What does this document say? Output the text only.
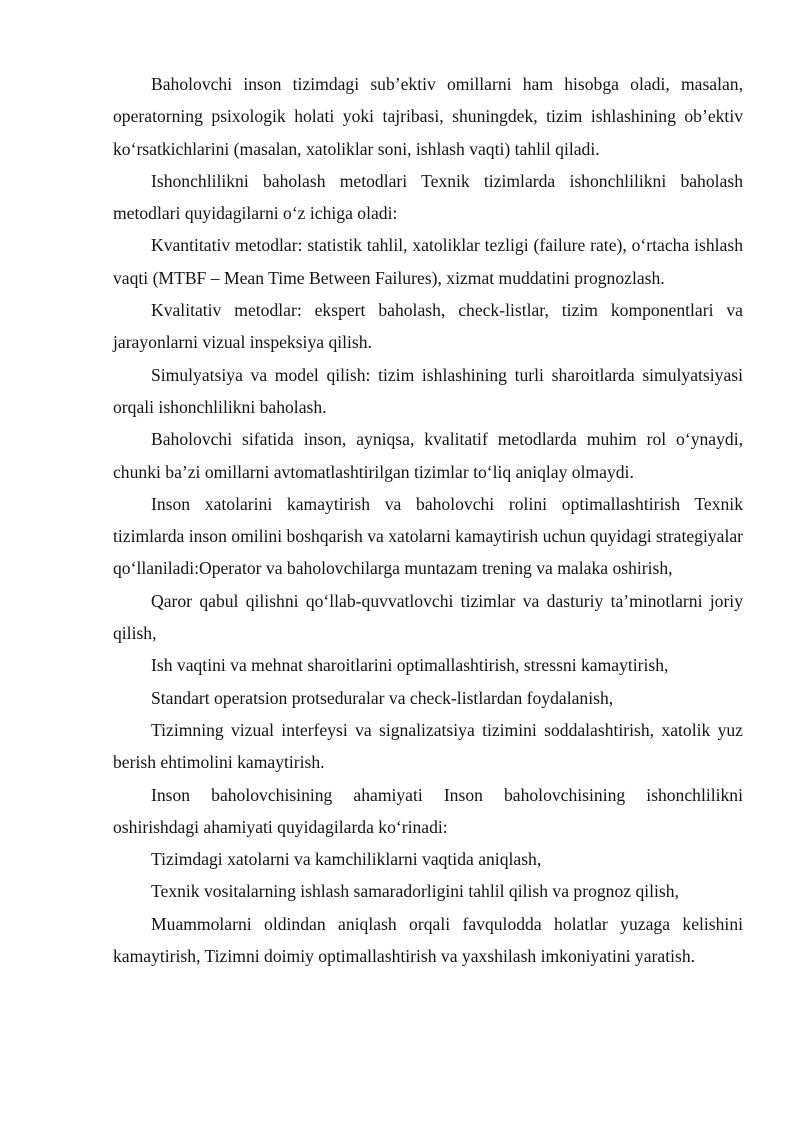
Baholovchi inson tizimdagi sub’ektiv omillarni ham hisobga oladi, masalan, operatorning psixologik holati yoki tajribasi, shuningdek, tizim ishlashining ob’ektiv ko‘rsatkichlarini (masalan, xatoliklar soni, ishlash vaqti) tahlil qiladi.

Ishonchlilikni baholash metodlari Texnik tizimlarda ishonchlilikni baholash metodlari quyidagilarni o‘z ichiga oladi:

Kvantitativ metodlar: statistik tahlil, xatoliklar tezligi (failure rate), o‘rtacha ishlash vaqti (MTBF – Mean Time Between Failures), xizmat muddatini prognozlash.

Kvalitativ metodlar: ekspert baholash, check-listlar, tizim komponentlari va jarayonlarni vizual inspeksiya qilish.

Simulyatsiya va model qilish: tizim ishlashining turli sharoitlarda simulyatsiyasi orqali ishonchlilikni baholash.

Baholovchi sifatida inson, ayniqsa, kvalitatif metodlarda muhim rol o‘ynaydi, chunki ba’zi omillarni avtomatlashtirilgan tizimlar to‘liq aniqlay olmaydi.

Inson xatolarini kamaytirish va baholovchi rolini optimallashtirish Texnik tizimlarda inson omilini boshqarish va xatolarni kamaytirish uchun quyidagi strategiyalar qo‘llaniladi:Operator va baholovchilarga muntazam trening va malaka oshirish,

Qaror qabul qilishni qo‘llab-quvvatlovchi tizimlar va dasturiy ta’minotlarni joriy qilish,

Ish vaqtini va mehnat sharoitlarini optimallashtirish, stressni kamaytirish,

Standart operatsion protseduralar va check-listlardan foydalanish,

Tizimning vizual interfeysi va signalizatsiya tizimini soddalashtirish, xatolik yuz berish ehtimolini kamaytirish.

Inson baholovchisining ahamiyati Inson baholovchisining ishonchlilikni oshirishdagi ahamiyati quyidagilarda ko‘rinadi:

Tizimdagi xatolarni va kamchiliklarni vaqtida aniqlash,

Texnik vositalarning ishlash samaradorligini tahlil qilish va prognoz qilish,

Muammolarni oldindan aniqlash orqali favqulodda holatlar yuzaga kelishini kamaytirish, Tizimni doimiy optimallashtirish va yaxshilash imkoniyatini yaratish.
